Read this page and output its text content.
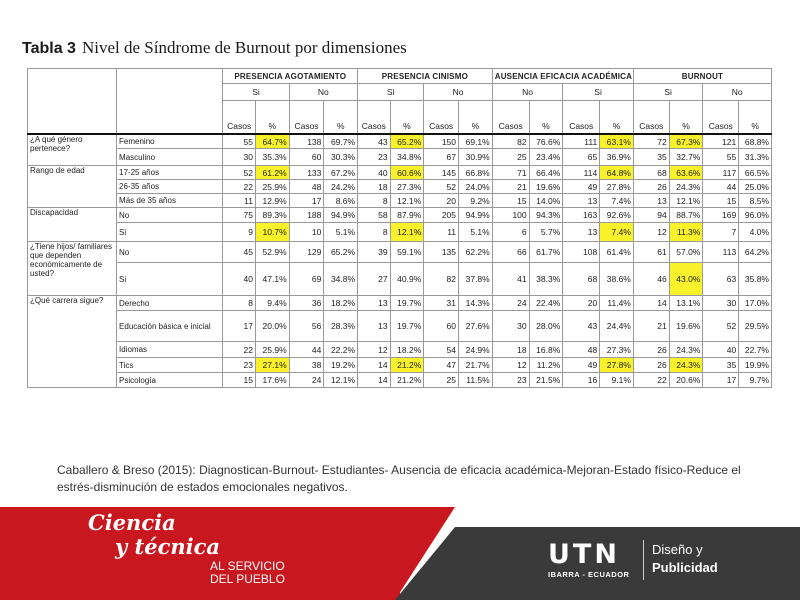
Tabla 3 Nivel de Síndrome de Burnout por dimensiones
		PRESENCIA AGOTAMIENTO				PRESENCIA CINISMO				AUSENCIA EFICACIA ACADÉMICA				BURNOUT			
		Si		No		Si		No		No		Si		Si		No	
		Casos	%	Casos	%	Casos	%	Casos	%	Casos	%	Casos	%	Casos	%	Casos	%
¿A qué género pertenece?	Femenino	55	64.7%	138	69.7%	43	65.2%	150	69.1%	82	76.6%	111	63.1%	72	67.3%	121	68.8%
	Masculino	30	35.3%	60	30.3%	23	34.8%	67	30.9%	25	23.4%	65	36.9%	35	32.7%	55	31.3%
Rango de edad	17-25 años	52	61.2%	133	67.2%	40	60.6%	145	66.8%	71	66.4%	114	64.8%	68	63.6%	117	66.5%
	26-35 años	22	25.9%	48	24.2%	18	27.3%	52	24.0%	21	19.6%	49	27.8%	26	24.3%	44	25.0%
	Más de 35 años	11	12.9%	17	8.6%	8	12.1%	20	9.2%	15	14.0%	13	7.4%	13	12.1%	15	8.5%
Discapacidad	No	75	89.3%	188	94.9%	58	87.9%	205	94.9%	100	94.3%	163	92.6%	94	88.7%	169	96.0%
	Si	9	10.7%	10	5.1%	8	12.1%	11	5.1%	6	5.7%	13	7.4%	12	11.3%	7	4.0%
¿Tiene hijos/ familiares que dependen económicamente de usted?	No	45	52.9%	129	65.2%	39	59.1%	135	62.2%	66	61.7%	108	61.4%	61	57.0%	113	64.2%
	Si	40	47.1%	69	34.8%	27	40.9%	82	37.8%	41	38.3%	68	38.6%	46	43.0%	63	35.8%
¿Qué carrera sigue?	Derecho	8	9.4%	36	18.2%	13	19.7%	31	14.3%	24	22.4%	20	11.4%	14	13.1%	30	17.0%
	Educación básica e inicial	17	20.0%	56	28.3%	13	19.7%	60	27.6%	30	28.0%	43	24.4%	21	19.6%	52	29.5%
	Idiomas	22	25.9%	44	22.2%	12	18.2%	54	24.9%	18	16.8%	48	27.3%	26	24.3%	40	22.7%
	Tics	23	27.1%	38	19.2%	14	21.2%	47	21.7%	12	11.2%	49	27.8%	26	24.3%	35	19.9%
	Psicología	15	17.6%	24	12.1%	14	21.2%	25	11.5%	23	21.5%	16	9.1%	22	20.6%	17	9.7%
Caballero & Breso (2015): Diagnostican-Burnout- Estudiantes- Ausencia de eficacia académica-Mejoran-Estado físico-Reduce el estrés-disminución de estados emocionales negativos.
Ciencia
y técnica
AL SERVICIO
DEL PUEBLO
UTN
IBARRA - ECUADOR
Diseño y
Publicidad
